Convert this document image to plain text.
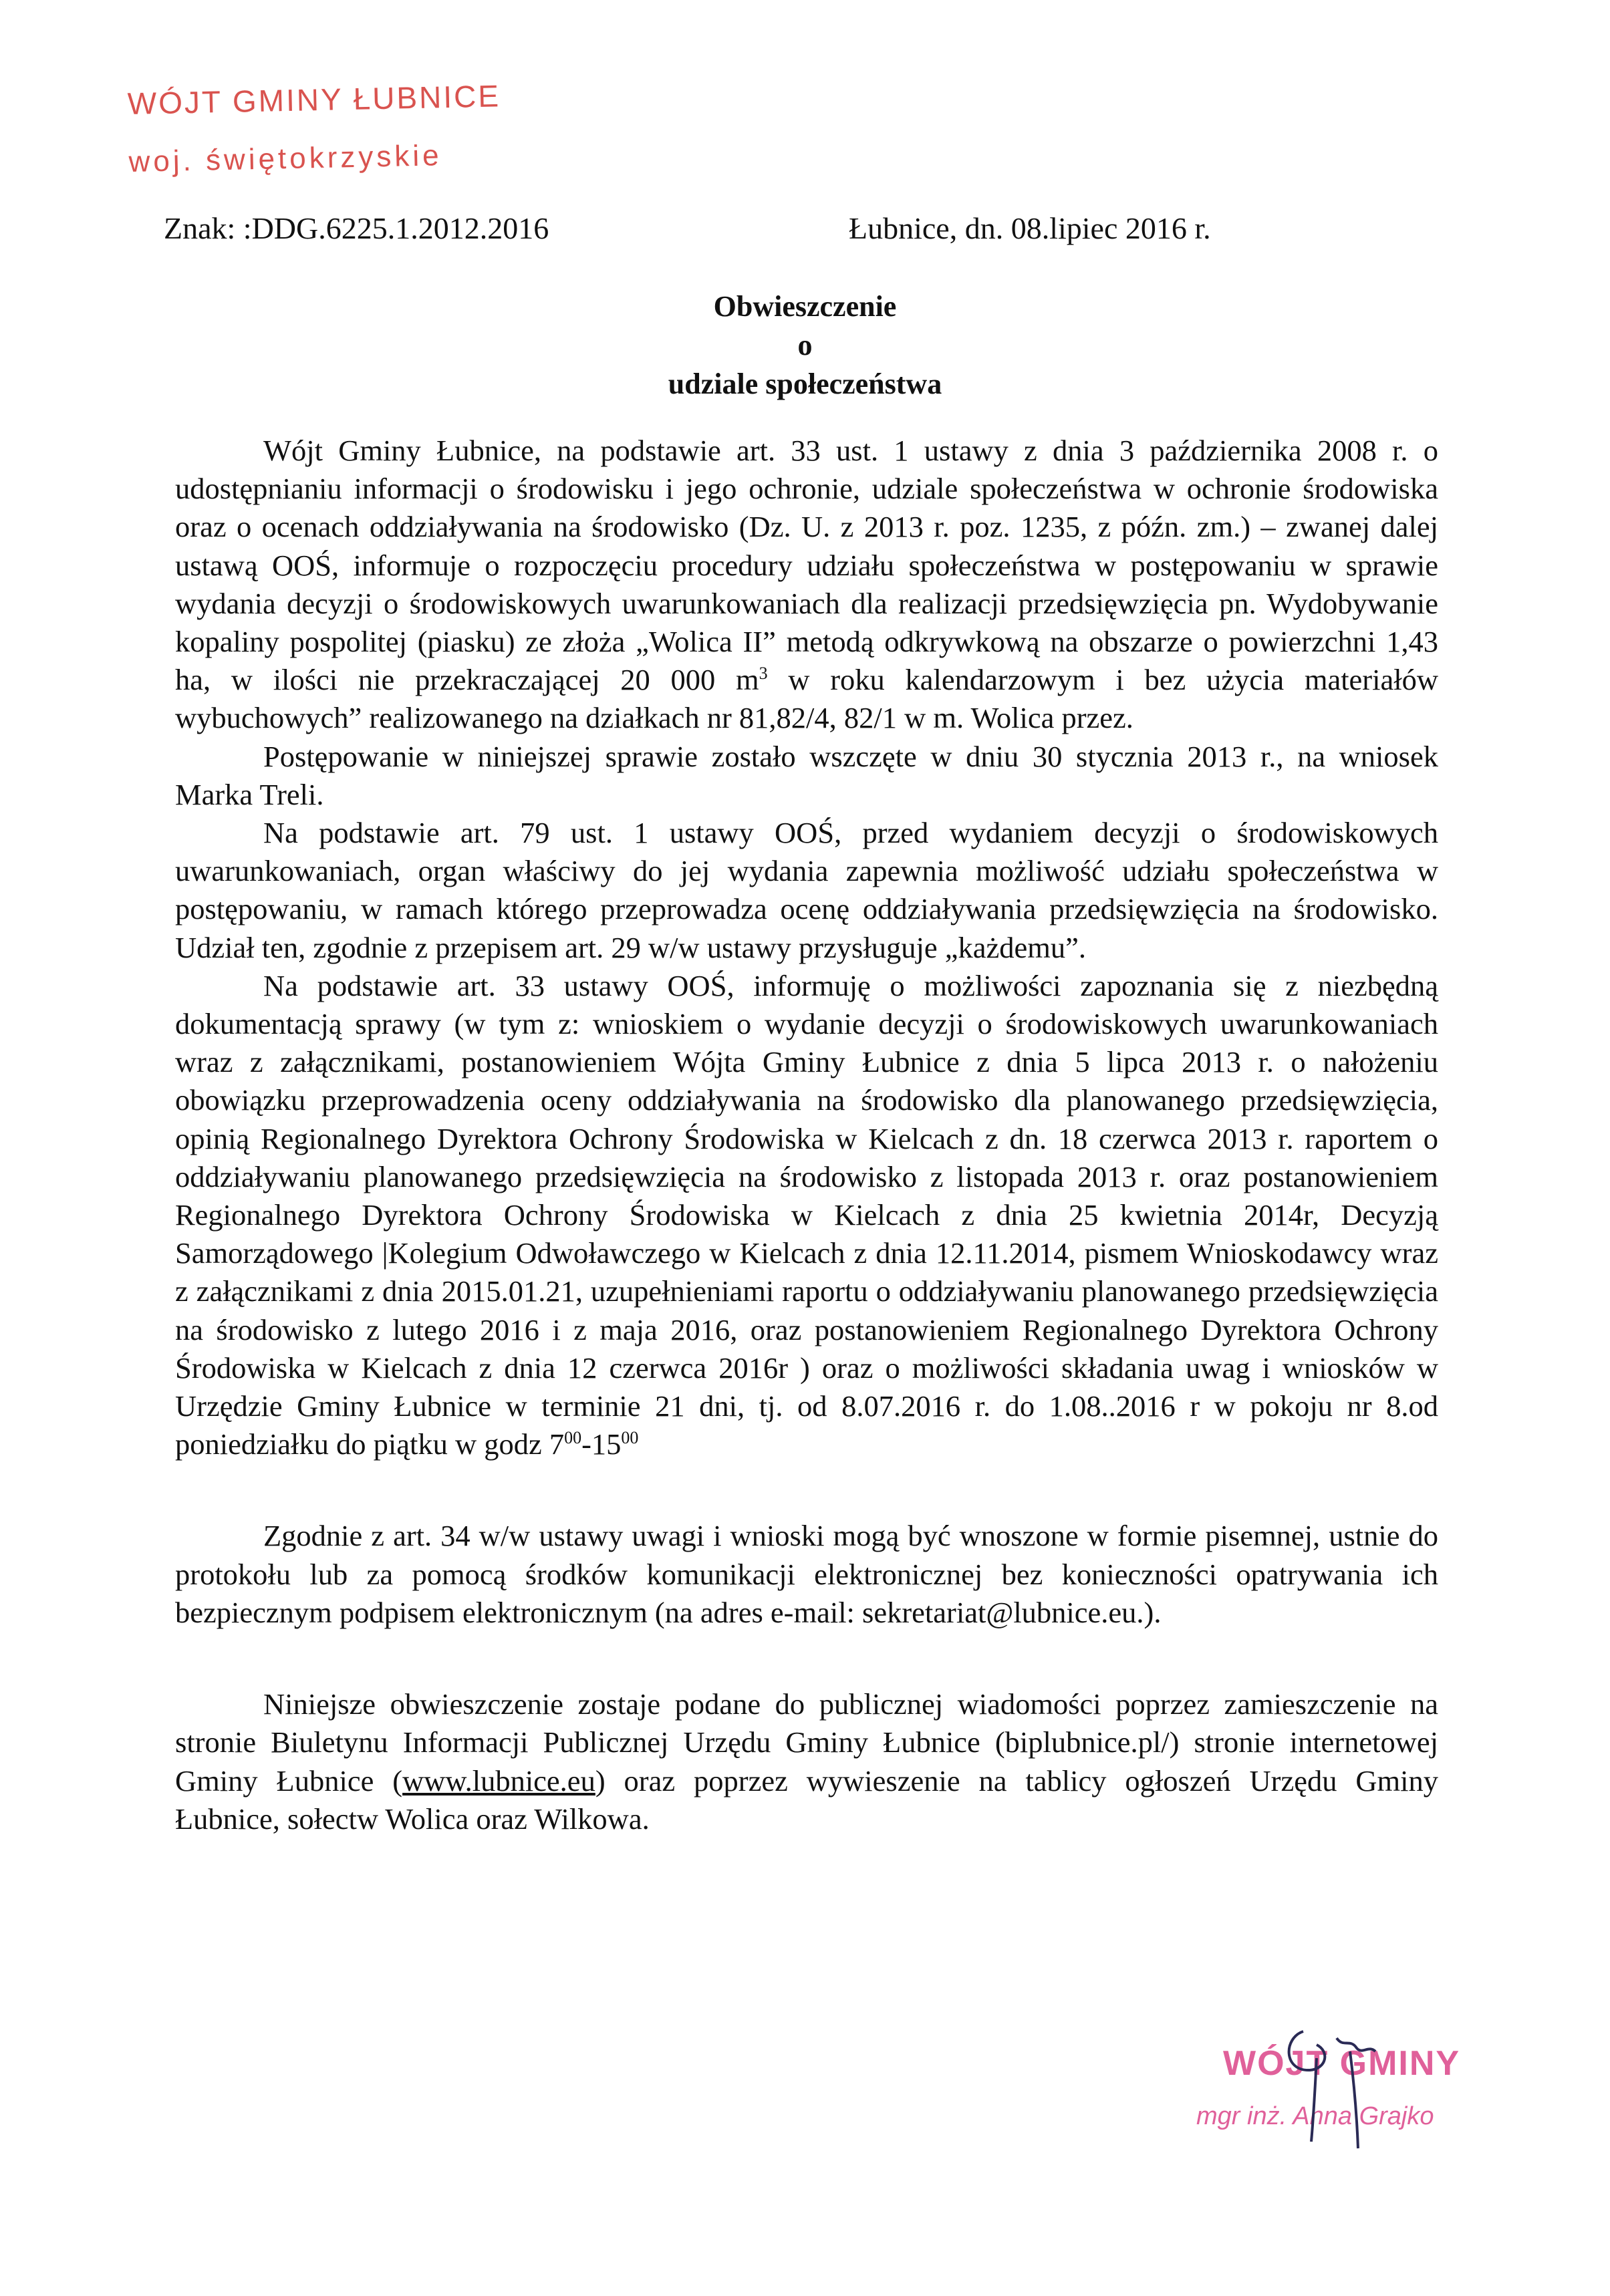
WÓJT GMINY ŁUBNICE
woj. świętokrzyskie
Znak: :DDG.6225.1.2012.2016	Łubnice, dn. 08.lipiec 2016 r.
Obwieszczenie
o
udziale społeczeństwa

Wójt Gminy Łubnice, na podstawie art. 33 ust. 1 ustawy z dnia 3 października 2008 r. o udostępnianiu informacji o środowisku i jego ochronie, udziale społeczeństwa w ochronie środowiska oraz o ocenach oddziaływania na środowisko (Dz. U. z 2013 r. poz. 1235, z późn. zm.) – zwanej dalej ustawą OOŚ, informuje o rozpoczęciu procedury udziału społeczeństwa w postępowaniu w sprawie wydania decyzji o środowiskowych uwarunkowaniach dla realizacji przedsięwzięcia pn. Wydobywanie kopaliny pospolitej (piasku) ze złoża „Wolica II” metodą odkrywkową na obszarze o powierzchni 1,43 ha, w ilości nie przekraczającej 20 000 $m^3$ w roku kalendarzowym i bez użycia materiałów wybuchowych” realizowanego na działkach nr 81,82/4, 82/1 w m. Wolica przez.

Postępowanie w niniejszej sprawie zostało wszczęte w dniu 30 stycznia 2013 r., na wniosek Marka Treli.

Na podstawie art. 79 ust. 1 ustawy OOŚ, przed wydaniem decyzji o środowiskowych uwarunkowaniach, organ właściwy do jej wydania zapewnia możliwość udziału społeczeństwa w postępowaniu, w ramach którego przeprowadza ocenę oddziaływania przedsięwzięcia na środowisko. Udział ten, zgodnie z przepisem art. 29 w/w ustawy przysługuje „każdemu”.

Na podstawie art. 33 ustawy OOŚ, informuję o możliwości zapoznania się z niezbędną dokumentacją sprawy (w tym z: wnioskiem o wydanie decyzji o środowiskowych uwarunkowaniach wraz z załącznikami, postanowieniem Wójta Gminy Łubnice z dnia 5 lipca 2013 r. o nałożeniu obowiązku przeprowadzenia oceny oddziaływania na środowisko dla planowanego przedsięwzięcia, opinią Regionalnego Dyrektora Ochrony Środowiska w Kielcach z dn. 18 czerwca 2013 r. raportem o oddziaływaniu planowanego przedsięwzięcia na środowisko z listopada 2013 r. oraz postanowieniem Regionalnego Dyrektora Ochrony Środowiska w Kielcach z dnia 25 kwietnia 2014r, Decyzją Samorządowego |Kolegium Odwoławczego w Kielcach z dnia 12.11.2014, pismem Wnioskodawcy wraz z załącznikami z dnia 2015.01.21, uzupełnieniami raportu o oddziaływaniu planowanego przedsięwzięcia na środowisko z lutego 2016 i z maja 2016, oraz postanowieniem Regionalnego Dyrektora Ochrony Środowiska w Kielcach z dnia 12 czerwca 2016r ) oraz o możliwości składania uwag i wniosków w Urzędzie Gminy Łubnice w terminie 21 dni, tj. od 8.07.2016 r. do 1.08..2016 r w pokoju nr 8.od poniedziałku do piątku w godz $7^{00}-15^{00}$

Zgodnie z art. 34 w/w ustawy uwagi i wnioski mogą być wnoszone w formie pisemnej, ustnie do protokołu lub za pomocą środków komunikacji elektronicznej bez konieczności opatrywania ich bezpiecznym podpisem elektronicznym (na adres e-mail: sekretariat@lubnice.eu.).

Niniejsze obwieszczenie zostaje podane do publicznej wiadomości poprzez zamieszczenie na stronie Biuletynu Informacji Publicznej Urzędu Gminy Łubnice (biplubnice.pl/) stronie internetowej Gminy Łubnice (www.lubnice.eu) oraz poprzez wywieszenie na tablicy ogłoszeń Urzędu Gminy Łubnice, sołectw Wolica oraz Wilkowa.

WÓJT GMINY
mgr inż. Anna Grajko
